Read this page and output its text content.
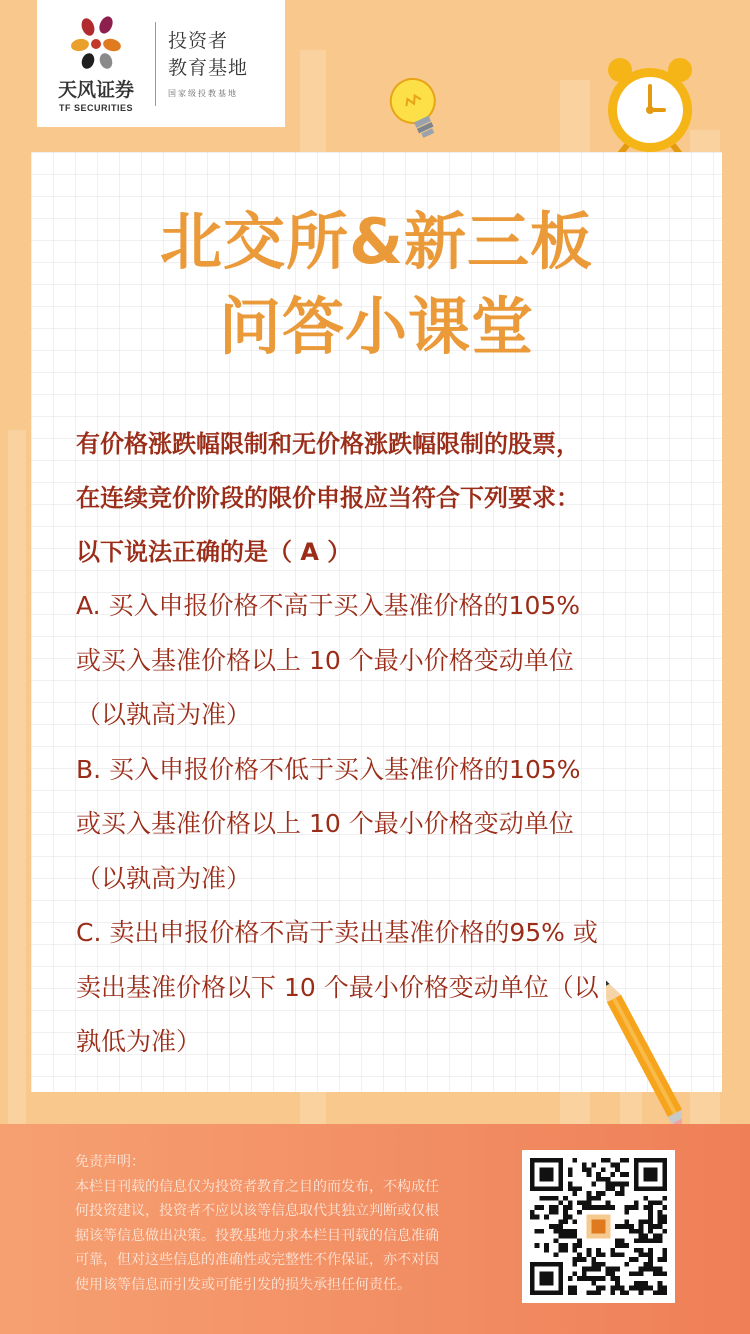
天风证券
TF SECURITIES
投资者
教育基地
国家级投教基地
北交所&新三板
问答小课堂
有价格涨跌幅限制和无价格涨跌幅限制的股票，
在连续竞价阶段的限价申报应当符合下列要求：
以下说法正确的是（ A ）
A. 买入申报价格不高于买入基准价格的105%
或买入基准价格以上 10 个最小价格变动单位
（以孰高为准）
B. 买入申报价格不低于买入基准价格的105%
或买入基准价格以上 10 个最小价格变动单位
（以孰高为准）
C. 卖出申报价格不高于卖出基准价格的95% 或
卖出基准价格以下 10 个最小价格变动单位（以
孰低为准）
免责声明：
本栏目刊载的信息仅为投资者教育之目的而发布，不构成任
何投资建议，投资者不应以该等信息取代其独立判断或仅根
据该等信息做出决策。投教基地力求本栏目刊载的信息准确
可靠，但对这些信息的准确性或完整性不作保证，亦不对因
使用该等信息而引发或可能引发的损失承担任何责任。
